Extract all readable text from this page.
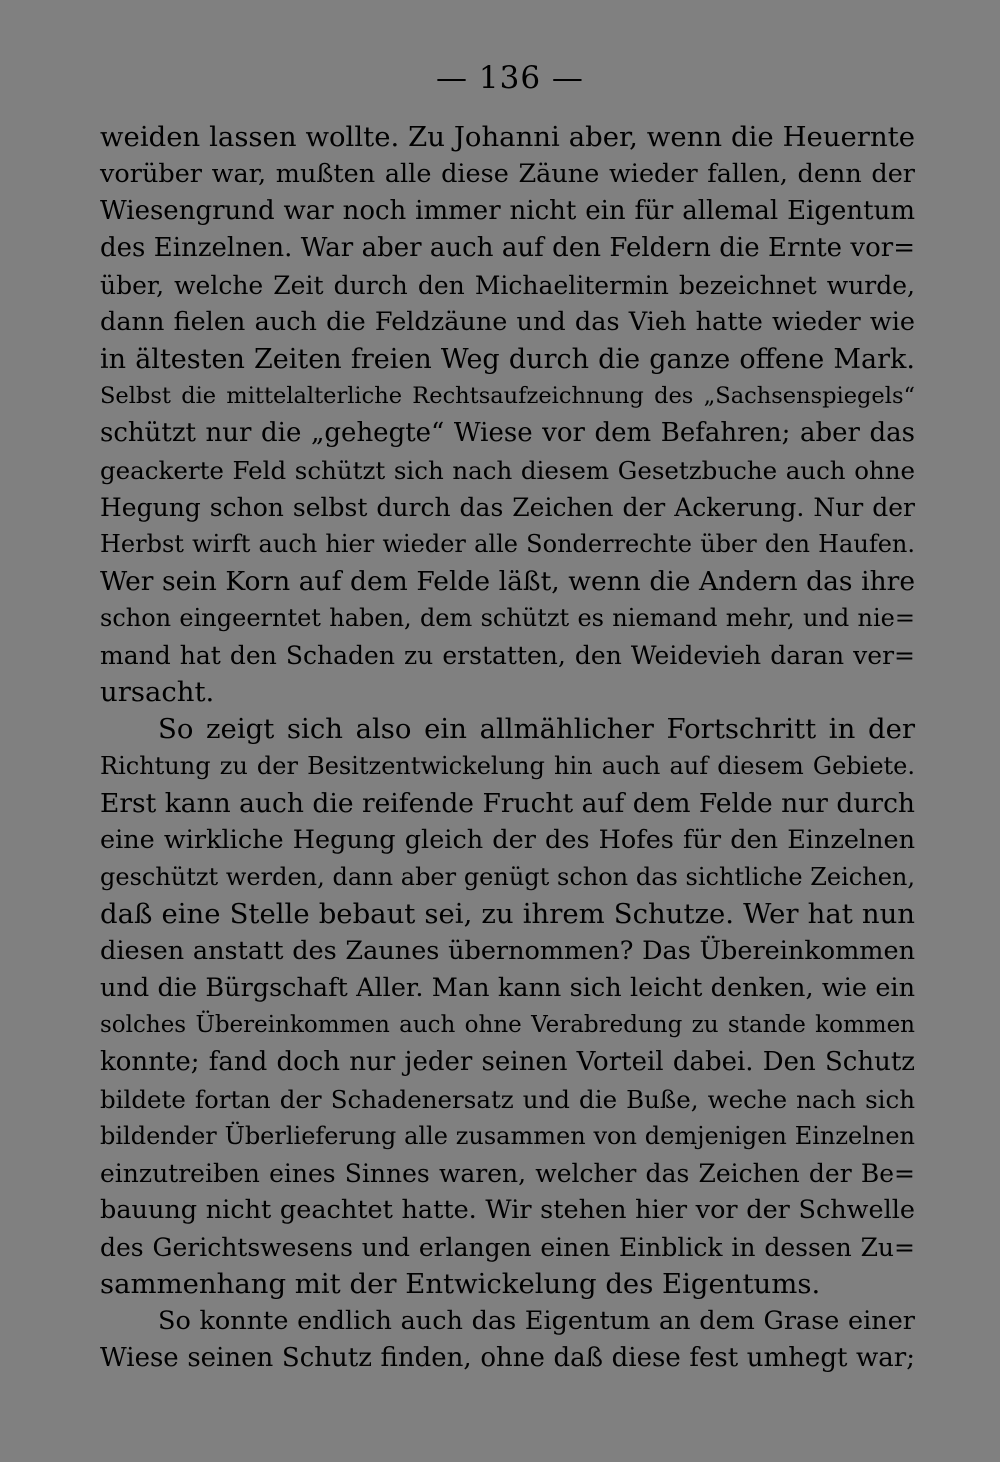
— 136 —
weiden lassen wollte. Zu Johanni aber, wenn die Heuernte
vorüber war, mußten alle diese Zäune wieder fallen, denn der
Wiesengrund war noch immer nicht ein für allemal Eigentum
des Einzelnen. War aber auch auf den Feldern die Ernte vor=
über, welche Zeit durch den Michaelitermin bezeichnet wurde,
dann fielen auch die Feldzäune und das Vieh hatte wieder wie
in ältesten Zeiten freien Weg durch die ganze offene Mark.
Selbst die mittelalterliche Rechtsaufzeichnung des „Sachsenspiegels“
schützt nur die „gehegte“ Wiese vor dem Befahren; aber das
geackerte Feld schützt sich nach diesem Gesetzbuche auch ohne
Hegung schon selbst durch das Zeichen der Ackerung. Nur der
Herbst wirft auch hier wieder alle Sonderrechte über den Haufen.
Wer sein Korn auf dem Felde läßt, wenn die Andern das ihre
schon eingeerntet haben, dem schützt es niemand mehr, und nie=
mand hat den Schaden zu erstatten, den Weidevieh daran ver=
ursacht.
So zeigt sich also ein allmählicher Fortschritt in der
Richtung zu der Besitzentwickelung hin auch auf diesem Gebiete.
Erst kann auch die reifende Frucht auf dem Felde nur durch
eine wirkliche Hegung gleich der des Hofes für den Einzelnen
geschützt werden, dann aber genügt schon das sichtliche Zeichen,
daß eine Stelle bebaut sei, zu ihrem Schutze. Wer hat nun
diesen anstatt des Zaunes übernommen? Das Übereinkommen
und die Bürgschaft Aller. Man kann sich leicht denken, wie ein
solches Übereinkommen auch ohne Verabredung zu stande kommen
konnte; fand doch nur jeder seinen Vorteil dabei. Den Schutz
bildete fortan der Schadenersatz und die Buße, weche nach sich
bildender Überlieferung alle zusammen von demjenigen Einzelnen
einzutreiben eines Sinnes waren, welcher das Zeichen der Be=
bauung nicht geachtet hatte. Wir stehen hier vor der Schwelle
des Gerichtswesens und erlangen einen Einblick in dessen Zu=
sammenhang mit der Entwickelung des Eigentums.
So konnte endlich auch das Eigentum an dem Grase einer
Wiese seinen Schutz finden, ohne daß diese fest umhegt war;
